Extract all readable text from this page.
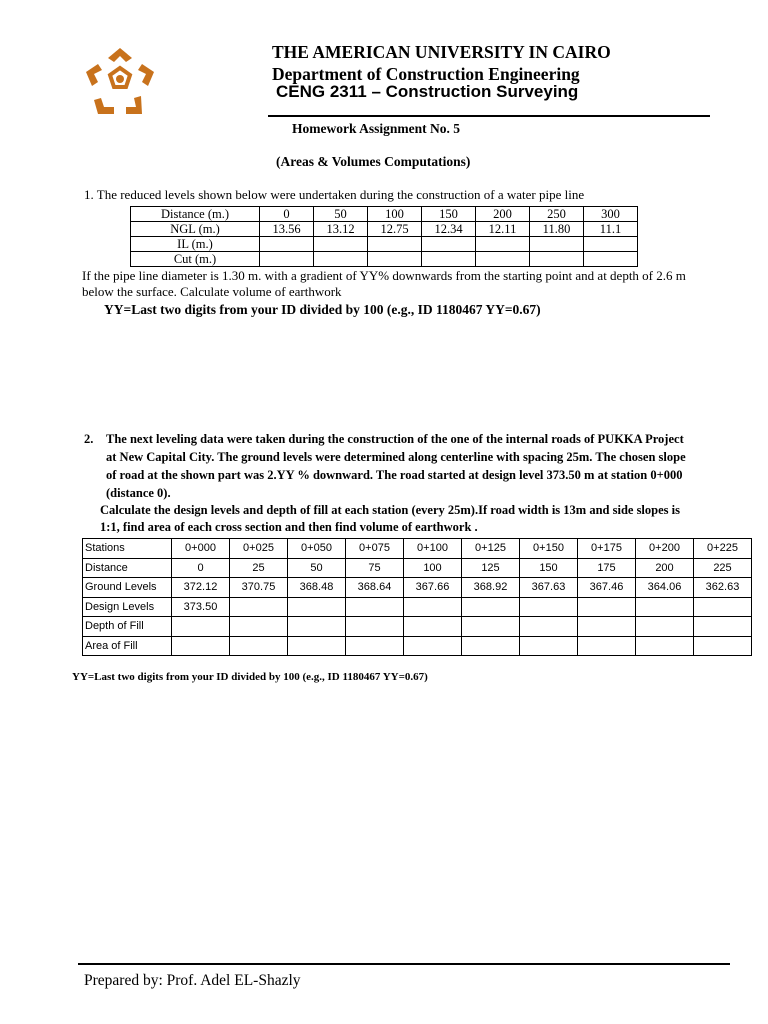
THE AMERICAN UNIVERSITY IN CAIRO
Department of Construction Engineering
CENG 2311 – Construction Surveying
Homework Assignment No. 5
(Areas & Volumes Computations)
1. The reduced levels shown below were undertaken during the construction of a water pipe line
Distance (m.)	0	50	100	150	200	250	300
NGL (m.)	13.56	13.12	12.75	12.34	12.11	11.80	11.1
IL (m.)							
Cut (m.)							
If the pipe line diameter is 1.30 m. with a gradient of YY% downwards from the starting point and at depth of 2.6 m below the surface. Calculate volume of earthwork
YY=Last two digits from your ID divided by 100 (e.g., ID 1180467 YY=0.67)
2. The next leveling data were taken during the construction of the one of the internal roads of PUKKA Project at New Capital City. The ground levels were determined along centerline with spacing 25m. The chosen slope of road at the shown part was 2.YY % downward. The road started at design level 373.50 m at station 0+000 (distance 0).
Calculate the design levels and depth of fill at each station (every 25m).If road width is 13m and side slopes is 1:1, find area of each cross section and then find volume of earthwork .
Stations	0+000	0+025	0+050	0+075	0+100	0+125	0+150	0+175	0+200	0+225
Distance	0	25	50	75	100	125	150	175	200	225
Ground Levels	372.12	370.75	368.48	368.64	367.66	368.92	367.63	367.46	364.06	362.63
Design Levels	373.50									
Depth of Fill										
Area of Fill										
YY=Last two digits from your ID divided by 100 (e.g., ID 1180467 YY=0.67)
Prepared by: Prof. Adel EL-Shazly
